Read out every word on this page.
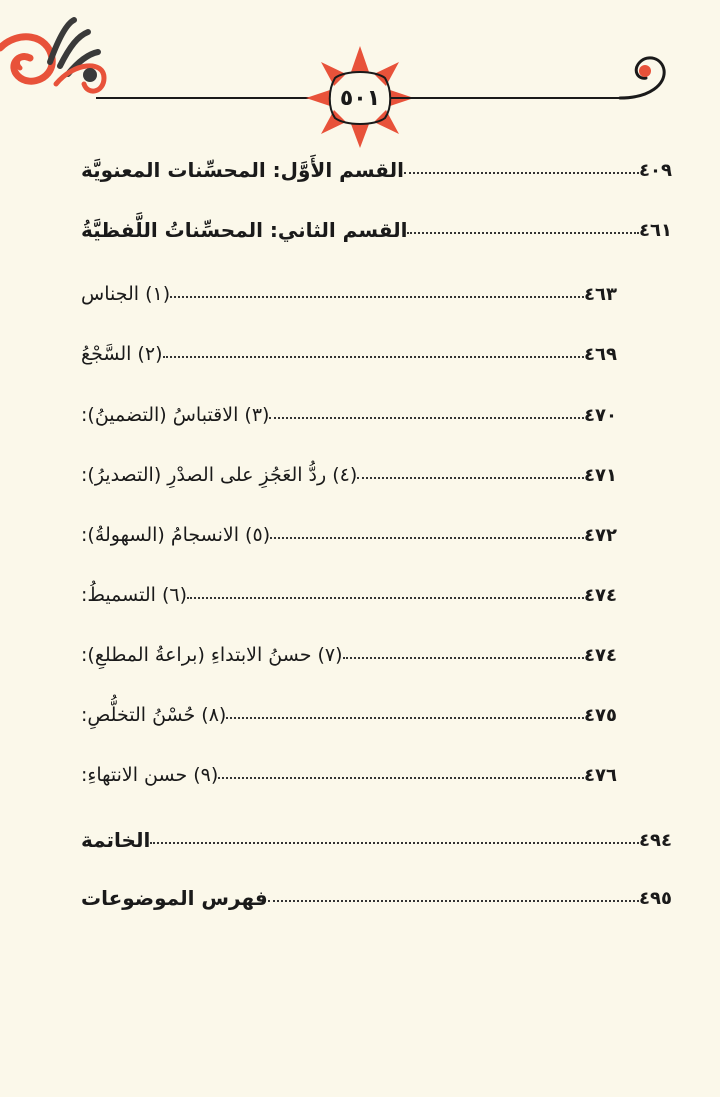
٥٠١
القسم الأَوَّل: المحسِّنات المعنويَّة	٤٠٩
القسم الثاني: المحسِّناتُ اللَّفظيَّةُ	٤٦١
(١) الجناس	٤٦٣
(٢) السَّجْعُ	٤٦٩
(٣) الاقتباسُ (التضمينُ):	٤٧٠
(٤) ردُّ العَجُزِ على الصدْرِ (التصديرُ):	٤٧١
(٥) الانسجامُ (السهولةُ):	٤٧٢
(٦) التسميطُ:	٤٧٤
(٧) حسنُ الابتداءِ (براعةُ المطلعِ):	٤٧٤
(٨) حُسْنُ التخلُّصِ:	٤٧٥
(٩) حسن الانتهاءِ:	٤٧٦
الخاتمة	٤٩٤
فهرس الموضوعات	٤٩٥
